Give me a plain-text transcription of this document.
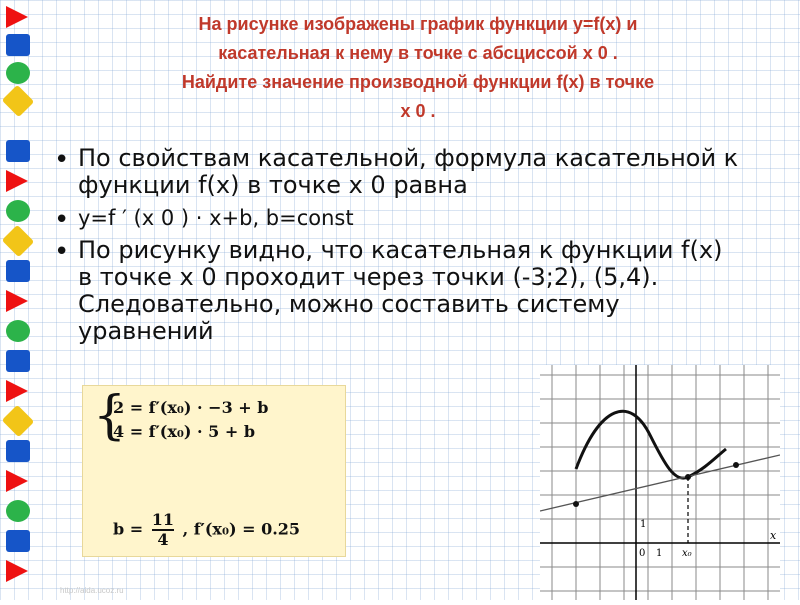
На рисунке изображены график функции y=f(x) и
касательная к нему в точке с абсциссой x 0 .
Найдите значение производной функции f(x) в точке
x 0 .
• По свойствам касательной, формула касательной к функции f(x) в точке x 0 равна
• y=f ′ (x 0 ) · x+b, b=const
• По рисунку видно, что касательная к функции f(x) в точке x 0 проходит через точки (-3;2), (5,4). Следовательно, можно составить систему уравнений
{
2 = f′(x₀) · −3 + b
4 = f′(x₀) · 5 + b
$b = \frac{11}{4}$ , f′(x₀) = 0.25	1
0 1 x₀
x
http://aida.ucoz.ru
